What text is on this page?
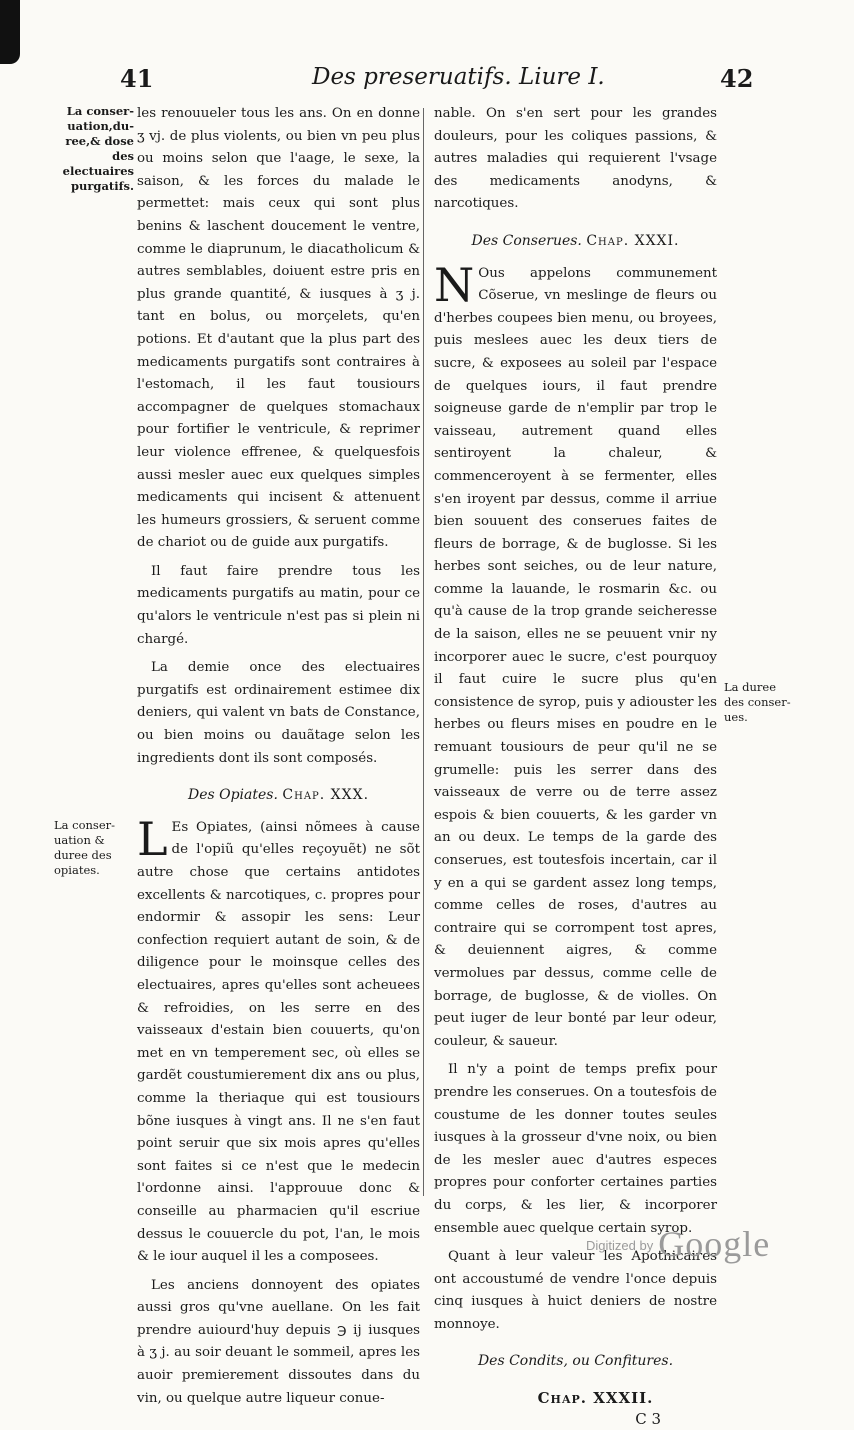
41	Des preseruatifs. Liure I.	42
La conser-uation,du-ree,& dose des electuaires purgatifs.
La conser-uation & duree des opiates.
La duree des conser-ues.

les renouueler tous les ans. On en donne ʒ vj. de plus violents, ou bien vn peu plus ou moins selon que l'aage, le sexe, la saison, & les forces du malade le permettet: mais ceux qui sont plus benins & laschent doucement le ventre, comme le diaprunum, le diacatholicum & autres semblables, doiuent estre pris en plus grande quantité, & iusques à ʒ j. tant en bolus, ou morçelets, qu'en potions. Et d'autant que la plus part des medicaments purgatifs sont contraires à l'estomach, il les faut tousiours accompagner de quelques stomachaux pour fortifier le ventricule, & reprimer leur violence effrenee, & quelquesfois aussi mesler auec eux quelques simples medicaments qui incisent & attenuent les humeurs grossiers, & seruent comme de chariot ou de guide aux purgatifs.

Il faut faire prendre tous les medicaments purgatifs au matin, pour ce qu'alors le ventricule n'est pas si plein ni chargé.

La demie once des electuaires purgatifs est ordinairement estimee dix deniers, qui valent vn bats de Constance, ou bien moins ou dauãtage selon les ingredients dont ils sont composés.

Des Opiates. Chap. XXX.

L Es Opiates, (ainsi nõmees à cause de l'opiũ qu'elles reçoyuẽt) ne sõt autre chose que certains antidotes excellents & narcotiques, c. propres pour endormir & assopir les sens: Leur confection requiert autant de soin, & de diligence pour le moinsque celles des electuaires, apres qu'elles sont acheuees & refroidies, on les serre en des vaisseaux d'estain bien couuerts, qu'on met en vn temperement sec, où elles se gardẽt coustumierement dix ans ou plus, comme la theriaque qui est tousiours bõne iusques à vingt ans. Il ne s'en faut point seruir que six mois apres qu'elles sont faites si ce n'est que le medecin l'ordonne ainsi. l'approuue donc & conseille au pharmacien qu'il escriue dessus le couuercle du pot, l'an, le mois & le iour auquel il les a composees.

Les anciens donnoyent des opiates aussi gros qu'vne auellane. On les fait prendre auiourd'huy depuis ℈ ij iusques à ʒ j. au soir deuant le sommeil, apres les auoir premierement dissoutes dans du vin, ou quelque autre liqueur conue-

nable. On s'en sert pour les grandes douleurs, pour les coliques passions, & autres maladies qui requierent l'vsage des medicaments anodyns, & narcotiques.

Des Conserues. Chap. XXXI.

N Ous appelons communement Cõserue, vn meslinge de fleurs ou d'herbes coupees bien menu, ou broyees, puis meslees auec les deux tiers de sucre, & exposees au soleil par l'espace de quelques iours, il faut prendre soigneuse garde de n'emplir par trop le vaisseau, autrement quand elles sentiroyent la chaleur, & commenceroyent à se fermenter, elles s'en iroyent par dessus, comme il arriue bien souuent des conserues faites de fleurs de borrage, & de buglosse. Si les herbes sont seiches, ou de leur nature, comme la lauande, le rosmarin &c. ou qu'à cause de la trop grande seicheresse de la saison, elles ne se peuuent vnir ny incorporer auec le sucre, c'est pourquoy il faut cuire le sucre plus qu'en consistence de syrop, puis y adiouster les herbes ou fleurs mises en poudre en le remuant tousiours de peur qu'il ne se grumelle: puis les serrer dans des vaisseaux de verre ou de terre assez espois & bien couuerts, & les garder vn an ou deux. Le temps de la garde des conserues, est toutesfois incertain, car il y en a qui se gardent assez long temps, comme celles de roses, d'autres au contraire qui se corrompent tost apres, & deuiennent aigres, & comme vermolues par dessus, comme celle de borrage, de buglosse, & de violles. On peut iuger de leur bonté par leur odeur, couleur, & saueur.

Il n'y a point de temps prefix pour prendre les conserues. On a toutesfois de coustume de les donner toutes seules iusques à la grosseur d'vne noix, ou bien de les mesler auec d'autres especes propres pour conforter certaines parties du corps, & les lier, & incorporer ensemble auec quelque certain syrop.

Quant à leur valeur les Apothicaires ont accoustumé de vendre l'once depuis cinq iusques à huict deniers de nostre monnoye.

Des Condits, ou Confitures.
Chap. XXXII.
C 3
$^{Digitized by}$ Google
